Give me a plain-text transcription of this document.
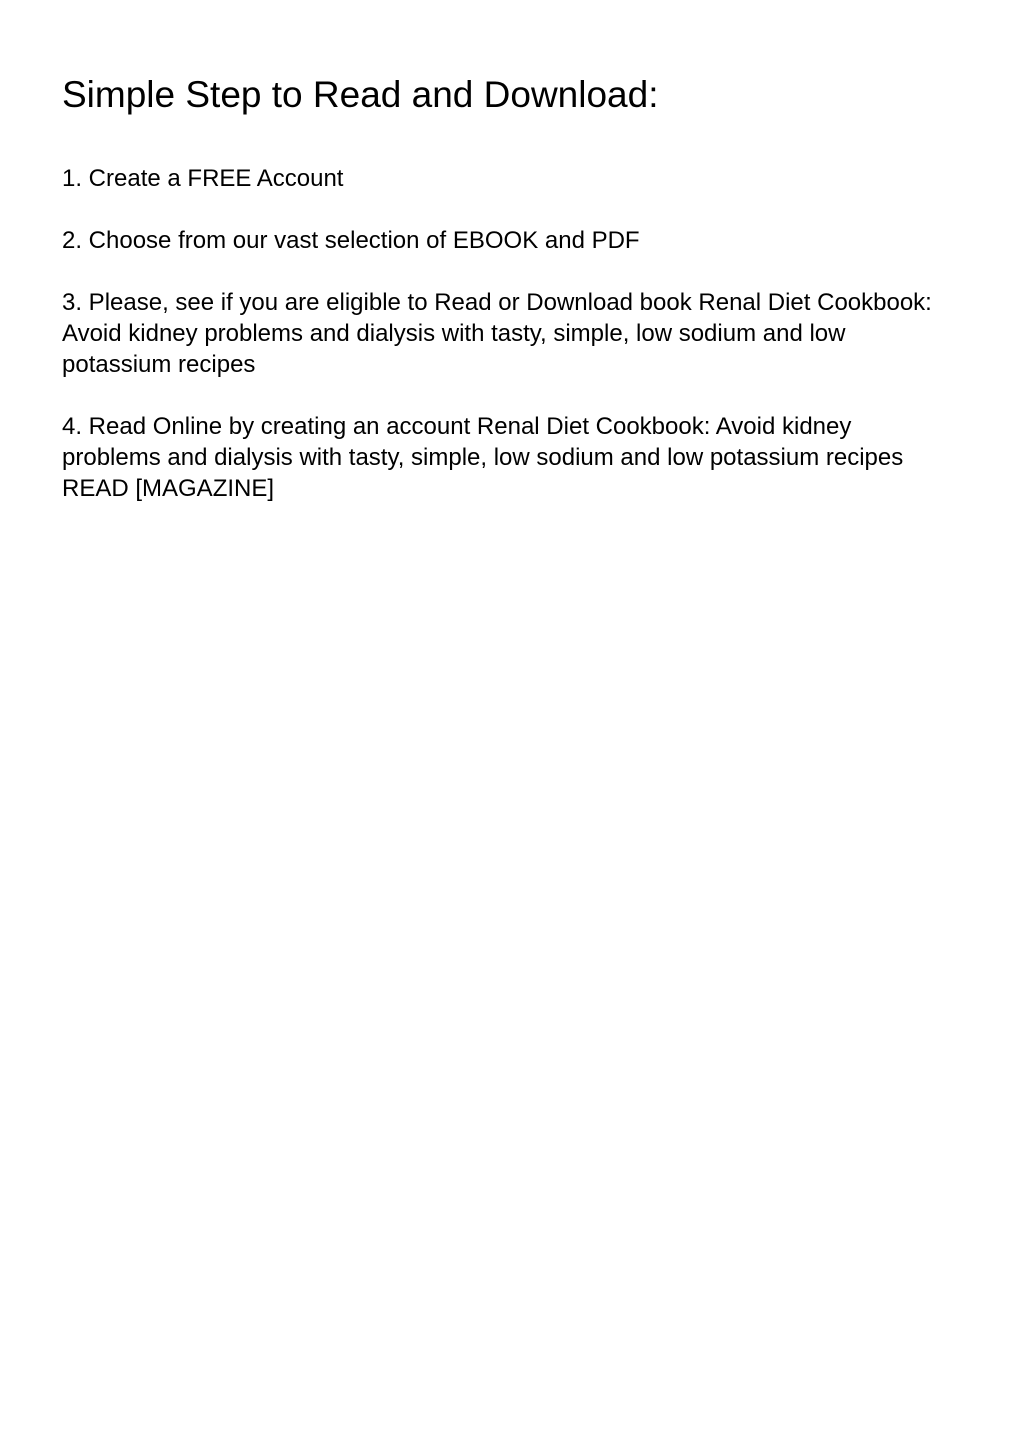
Simple Step to Read and Download:

1. Create a FREE Account

2. Choose from our vast selection of EBOOK and PDF

3. Please, see if you are eligible to Read or Download book Renal Diet Cookbook: Avoid kidney problems and dialysis with tasty, simple, low sodium and low potassium recipes

4. Read Online by creating an account Renal Diet Cookbook: Avoid kidney problems and dialysis with tasty, simple, low sodium and low potassium recipes READ [MAGAZINE]
